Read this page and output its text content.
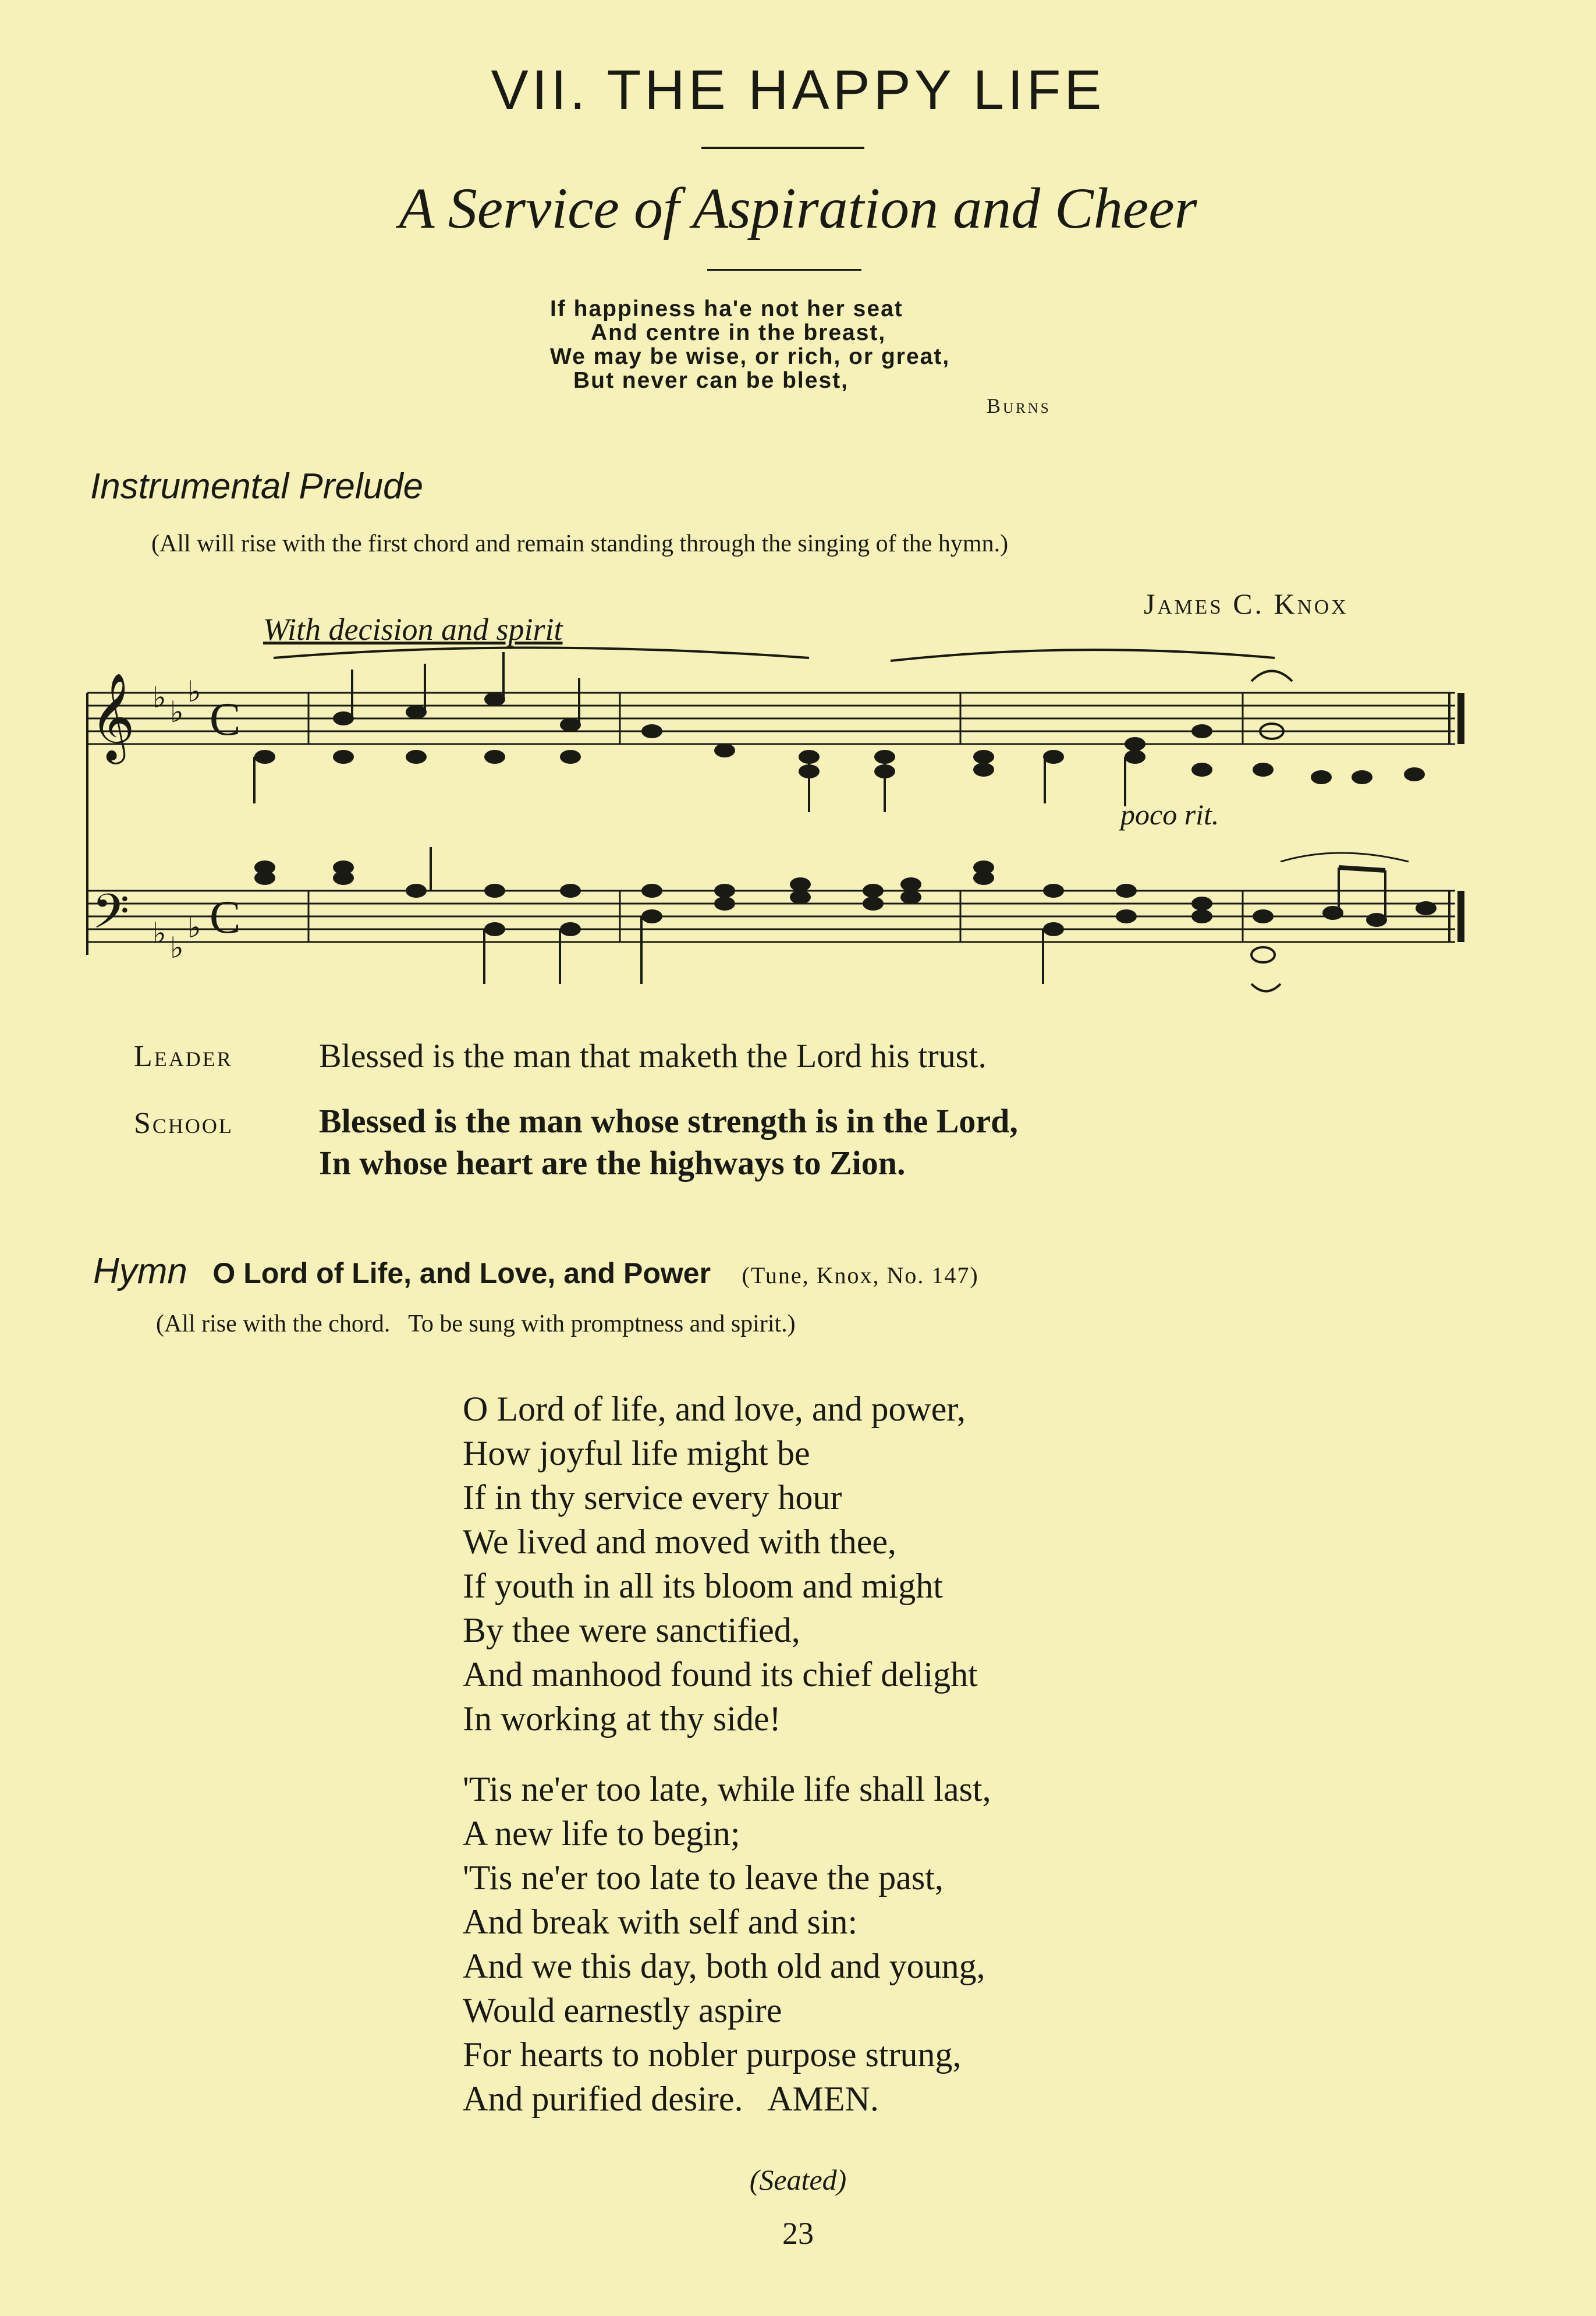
VII. THE HAPPY LIFE
A Service of Aspiration and Cheer
If happiness ha'e not her seat
And centre in the breast,
We may be wise, or rich, or great,
But never can be blest,
Burns
Instrumental Prelude
(All will rise with the first chord and remain standing through the singing of the hymn.)
James C. Knox
With decision and spirit
𝄞
𝄢
♭ ♭
♭
♭ ♭
♭
C
C
poco rit.
Leader	Blessed is the man that maketh the Lord his trust.
School	Blessed is the man whose strength is in the Lord,
In whose heart are the highways to Zion.
Hymn O Lord of Life, and Love, and Power (Tune, Knox, No. 147)
(All rise with the chord.   To be sung with promptness and spirit.)
O Lord of life, and love, and power,
How joyful life might be
If in thy service every hour
We lived and moved with thee,
If youth in all its bloom and might
By thee were sanctified,
And manhood found its chief delight
In working at thy side!
'Tis ne'er too late, while life shall last,
A new life to begin;
'Tis ne'er too late to leave the past,
And break with self and sin:
And we this day, both old and young,
Would earnestly aspire
For hearts to nobler purpose strung,
And purified desire.   AMEN.
(Seated)
23
